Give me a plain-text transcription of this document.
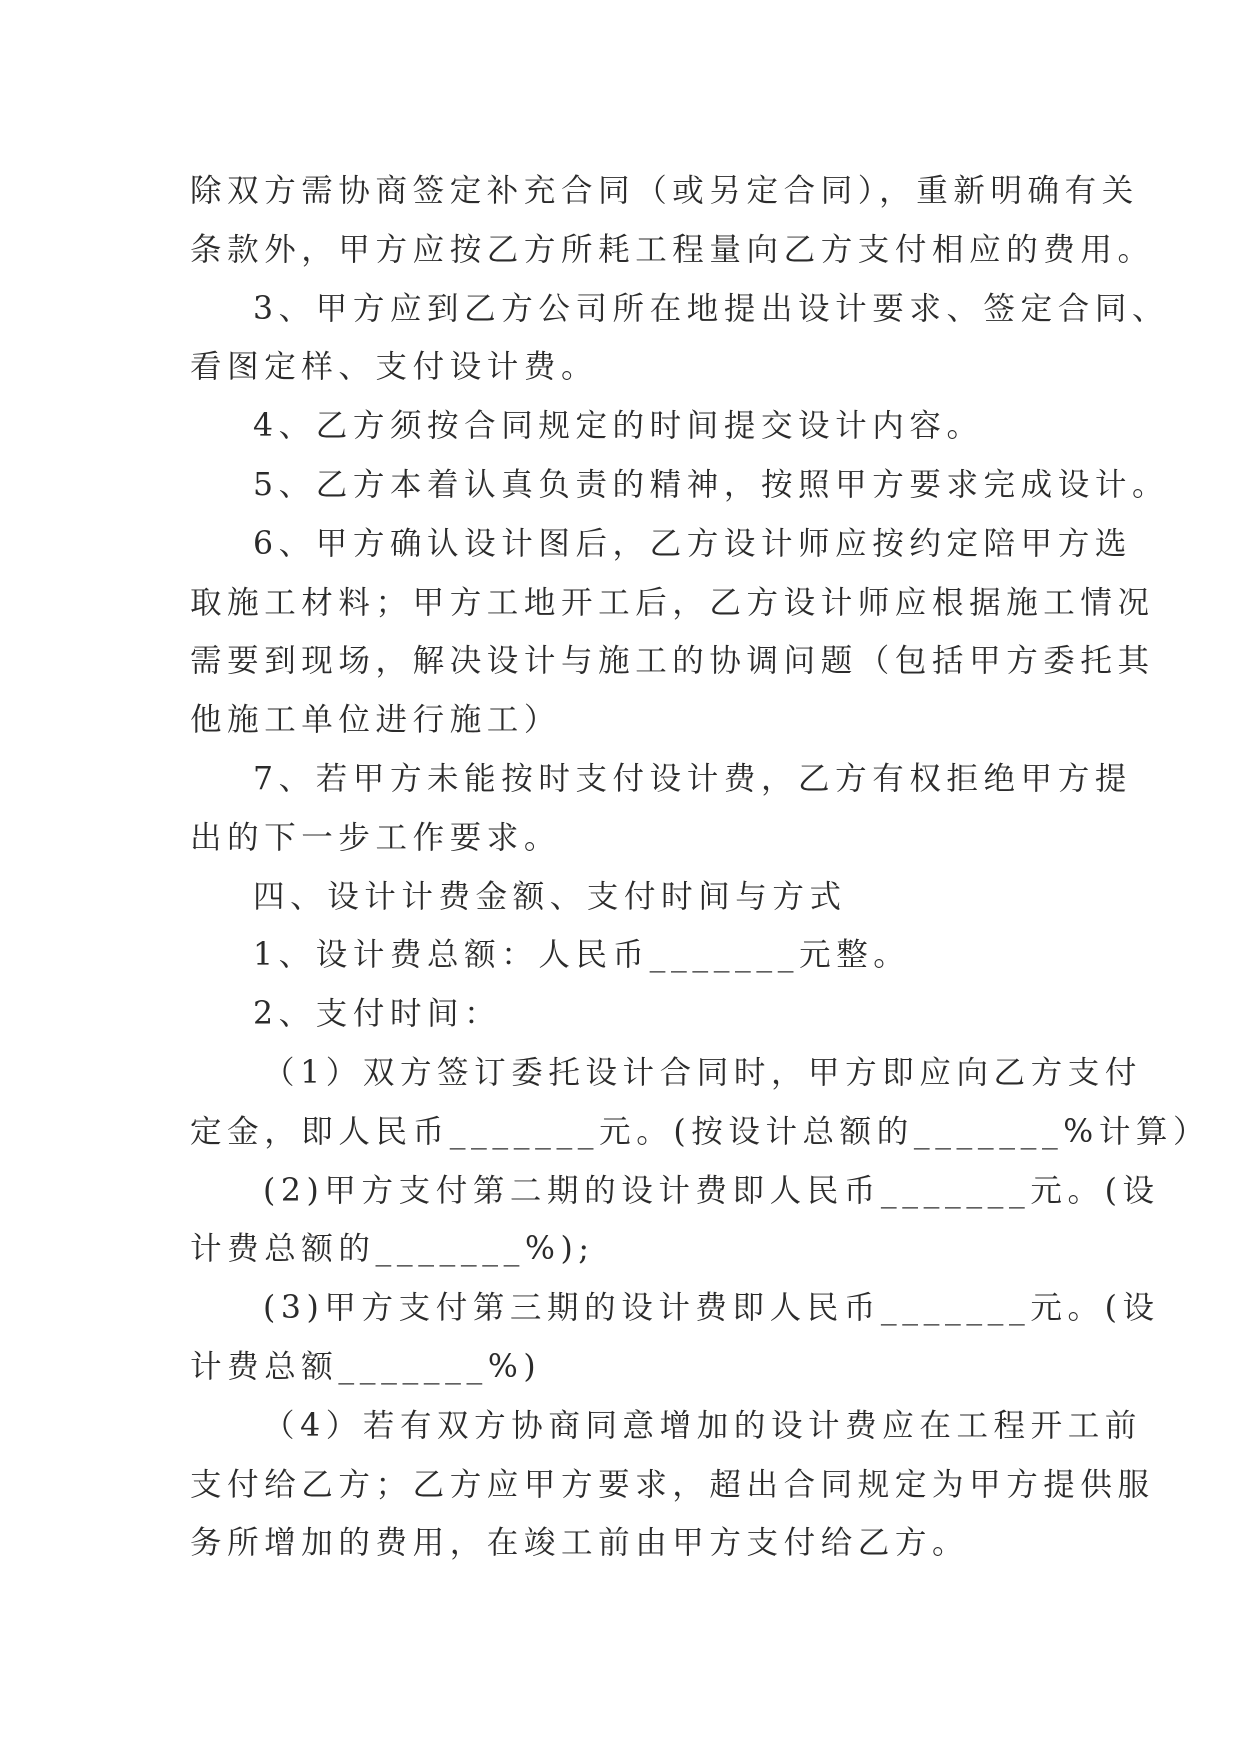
除双方需协商签定补充合同（或另定合同），重新明确有关

条款外，甲方应按乙方所耗工程量向乙方支付相应的费用。

3、甲方应到乙方公司所在地提出设计要求、签定合同、

看图定样、支付设计费。

4、乙方须按合同规定的时间提交设计内容。

5、乙方本着认真负责的精神，按照甲方要求完成设计。

6、甲方确认设计图后，乙方设计师应按约定陪甲方选

取施工材料；甲方工地开工后，乙方设计师应根据施工情况

需要到现场，解决设计与施工的协调问题（包括甲方委托其

他施工单位进行施工）

7、若甲方未能按时支付设计费，乙方有权拒绝甲方提

出的下一步工作要求。

四、设计计费金额、支付时间与方式

1、设计费总额：人民币_______元整。

2、支付时间：

（1）双方签订委托设计合同时，甲方即应向乙方支付

定金，即人民币_______元。(按设计总额的_______%计算）

(2)甲方支付第二期的设计费即人民币_______元。(设

计费总额的_______%);

(3)甲方支付第三期的设计费即人民币_______元。(设

计费总额_______%)

（4）若有双方协商同意增加的设计费应在工程开工前

支付给乙方；乙方应甲方要求，超出合同规定为甲方提供服

务所增加的费用，在竣工前由甲方支付给乙方。
